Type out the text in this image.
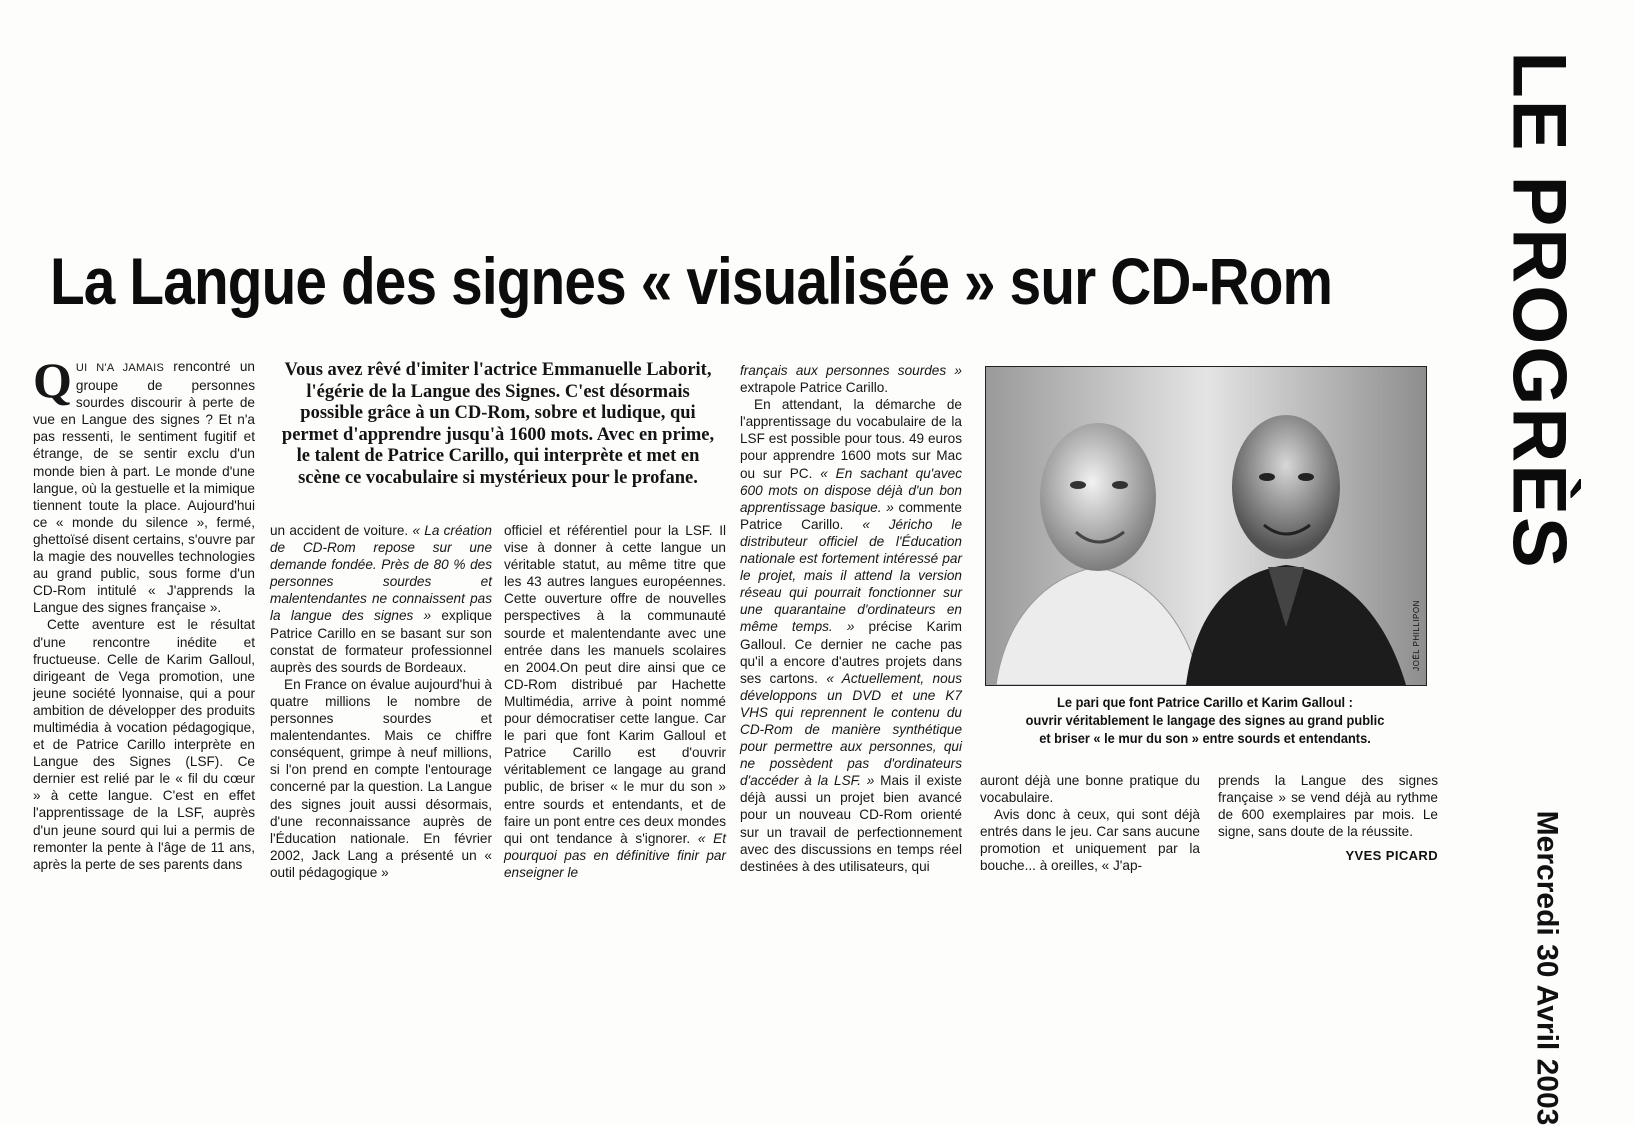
LE PROGRÈS
Mercredi 30 Avril 2003
La Langue des signes « visualisée » sur CD-Rom

QUI N'A JAMAIS rencontré un groupe de personnes sourdes discourir à perte de vue en Langue des signes ? Et n'a pas ressenti, le sentiment fugitif et étrange, de se sentir exclu d'un monde bien à part. Le monde d'une langue, où la gestuelle et la mimique tiennent toute la place. Aujourd'hui ce « monde du silence », fermé, ghettoïsé disent certains, s'ouvre par la magie des nouvelles technologies au grand public, sous forme d'un CD-Rom intitulé « J'apprends la Langue des signes française ».

Cette aventure est le résultat d'une rencontre inédite et fructueuse. Celle de Karim Galloul, dirigeant de Vega promotion, une jeune société lyonnaise, qui a pour ambition de développer des produits multimédia à vocation pédagogique, et de Patrice Carillo interprète en Langue des Signes (LSF). Ce dernier est relié par le « fil du cœur » à cette langue. C'est en effet l'apprentissage de la LSF, auprès d'un jeune sourd qui lui a permis de remonter la pente à l'âge de 11 ans, après la perte de ses parents dans

Vous avez rêvé d'imiter l'actrice Emmanuelle Laborit, l'égérie de la Langue des Signes. C'est désormais possible grâce à un CD-Rom, sobre et ludique, qui permet d'apprendre jusqu'à 1600 mots. Avec en prime, le talent de Patrice Carillo, qui interprète et met en scène ce vocabulaire si mystérieux pour le profane.

un accident de voiture. « La création de CD-Rom repose sur une demande fondée. Près de 80 % des personnes sourdes et malentendantes ne connaissent pas la langue des signes » explique Patrice Carillo en se basant sur son constat de formateur professionnel auprès des sourds de Bordeaux.

En France on évalue aujourd'hui à quatre millions le nombre de personnes sourdes et malentendantes. Mais ce chiffre conséquent, grimpe à neuf millions, si l'on prend en compte l'entourage concerné par la question. La Langue des signes jouit aussi désormais, d'une reconnaissance auprès de l'Éducation nationale. En février 2002, Jack Lang a présenté un « outil pédagogique »

officiel et référentiel pour la LSF. Il vise à donner à cette langue un véritable statut, au même titre que les 43 autres langues européennes. Cette ouverture offre de nouvelles perspectives à la communauté sourde et malentendante avec une entrée dans les manuels scolaires en 2004.On peut dire ainsi que ce CD-Rom distribué par Hachette Multimédia, arrive à point nommé pour démocratiser cette langue. Car le pari que font Karim Galloul et Patrice Carillo est d'ouvrir véritablement ce langage au grand public, de briser « le mur du son » entre sourds et entendants, et de faire un pont entre ces deux mondes qui ont tendance à s'ignorer. « Et pourquoi pas en définitive finir par enseigner le

français aux personnes sourdes » extrapole Patrice Carillo.

En attendant, la démarche de l'apprentissage du vocabulaire de la LSF est possible pour tous. 49 euros pour apprendre 1600 mots sur Mac ou sur PC. « En sachant qu'avec 600 mots on dispose déjà d'un bon apprentissage basique. » commente Patrice Carillo. « Jéricho le distributeur officiel de l'Éducation nationale est fortement intéressé par le projet, mais il attend la version réseau qui pourrait fonctionner sur une quarantaine d'ordinateurs en même temps. » précise Karim Galloul. Ce dernier ne cache pas qu'il a encore d'autres projets dans ses cartons. « Actuellement, nous développons un DVD et une K7 VHS qui reprennent le contenu du CD-Rom de manière synthétique pour permettre aux personnes, qui ne possèdent pas d'ordinateurs d'accéder à la LSF. » Mais il existe déjà aussi un projet bien avancé pour un nouveau CD-Rom orienté sur un travail de perfectionnement avec des discussions en temps réel destinées à des utilisateurs, qui

JOËL PHILLIPON
Le pari que font Patrice Carillo et Karim Galloul :
ouvrir véritablement le langage des signes au grand public
et briser « le mur du son » entre sourds et entendants.

auront déjà une bonne pratique du vocabulaire.

Avis donc à ceux, qui sont déjà entrés dans le jeu. Car sans aucune promotion et uniquement par la bouche... à oreilles, « J'ap-

prends la Langue des signes française » se vend déjà au rythme de 600 exemplaires par mois. Le signe, sans doute de la réussite.

YVES PICARD
